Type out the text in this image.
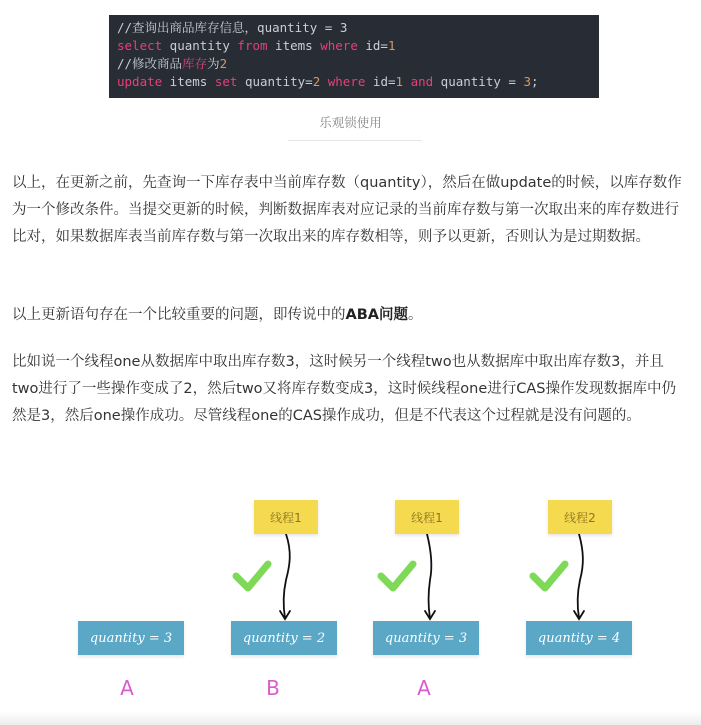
//查询出商品库存信息，quantity = 3
select quantity from items where id=1
//修改商品库存为2
update items set quantity=2 where id=1 and quantity = 3;
乐观锁使用

以上，在更新之前，先查询一下库存表中当前库存数（quantity），然后在做update的时候，以库存数作为一个修改条件。当提交更新的时候，判断数据库表对应记录的当前库存数与第一次取出来的库存数进行比对，如果数据库表当前库存数与第一次取出来的库存数相等，则予以更新，否则认为是过期数据。

以上更新语句存在一个比较重要的问题，即传说中的ABA问题。

比如说一个线程one从数据库中取出库存数3，这时候另一个线程two也从数据库中取出库存数3，并且two进行了一些操作变成了2，然后two又将库存数变成3，这时候线程one进行CAS操作发现数据库中仍然是3，然后one操作成功。尽管线程one的CAS操作成功，但是不代表这个过程就是没有问题的。

线程1	线程1	线程2
quantity = 3	quantity = 2	quantity = 3	quantity = 4
A	B	A
